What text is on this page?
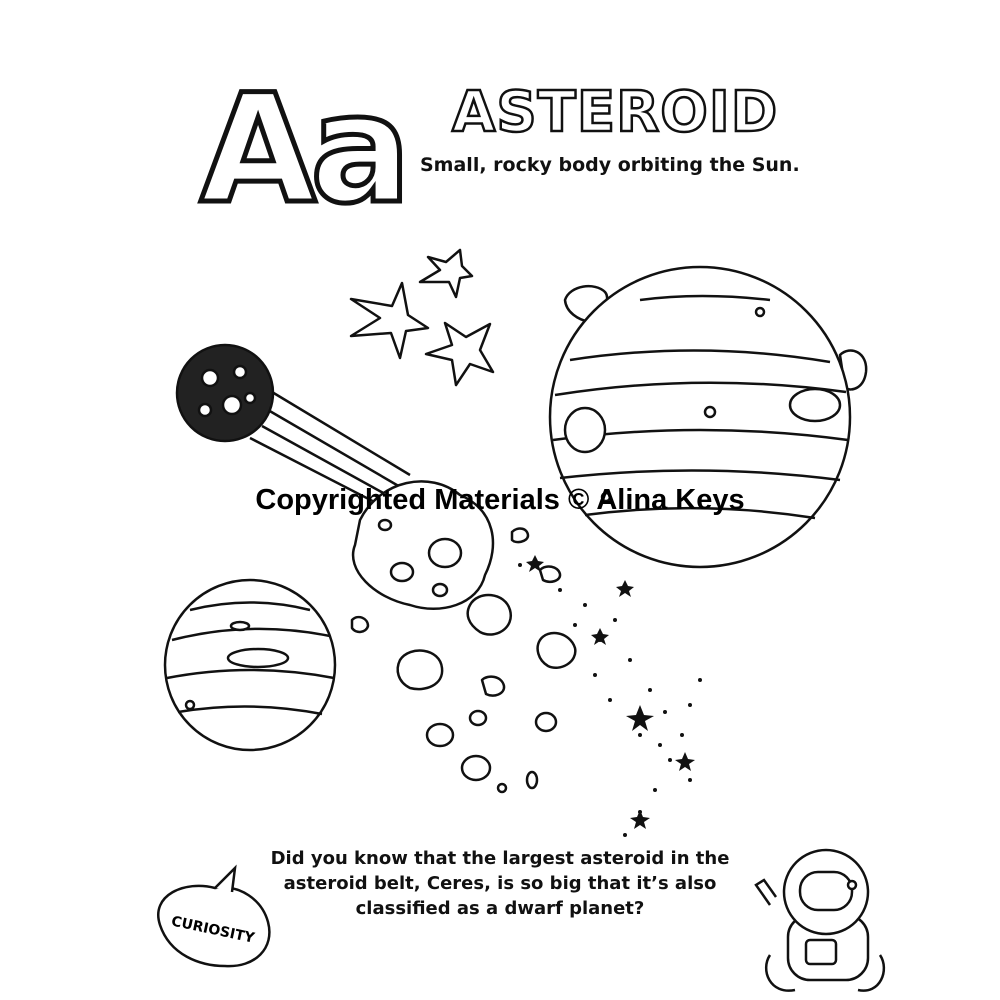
Aa ASTEROID
Small, rocky body orbiting the Sun.
CURIOSITY
Copyrighted Materials © Alina Keys
Did you know that the largest asteroid in the
asteroid belt, Ceres, is so big that it’s also
classified as a dwarf planet?
